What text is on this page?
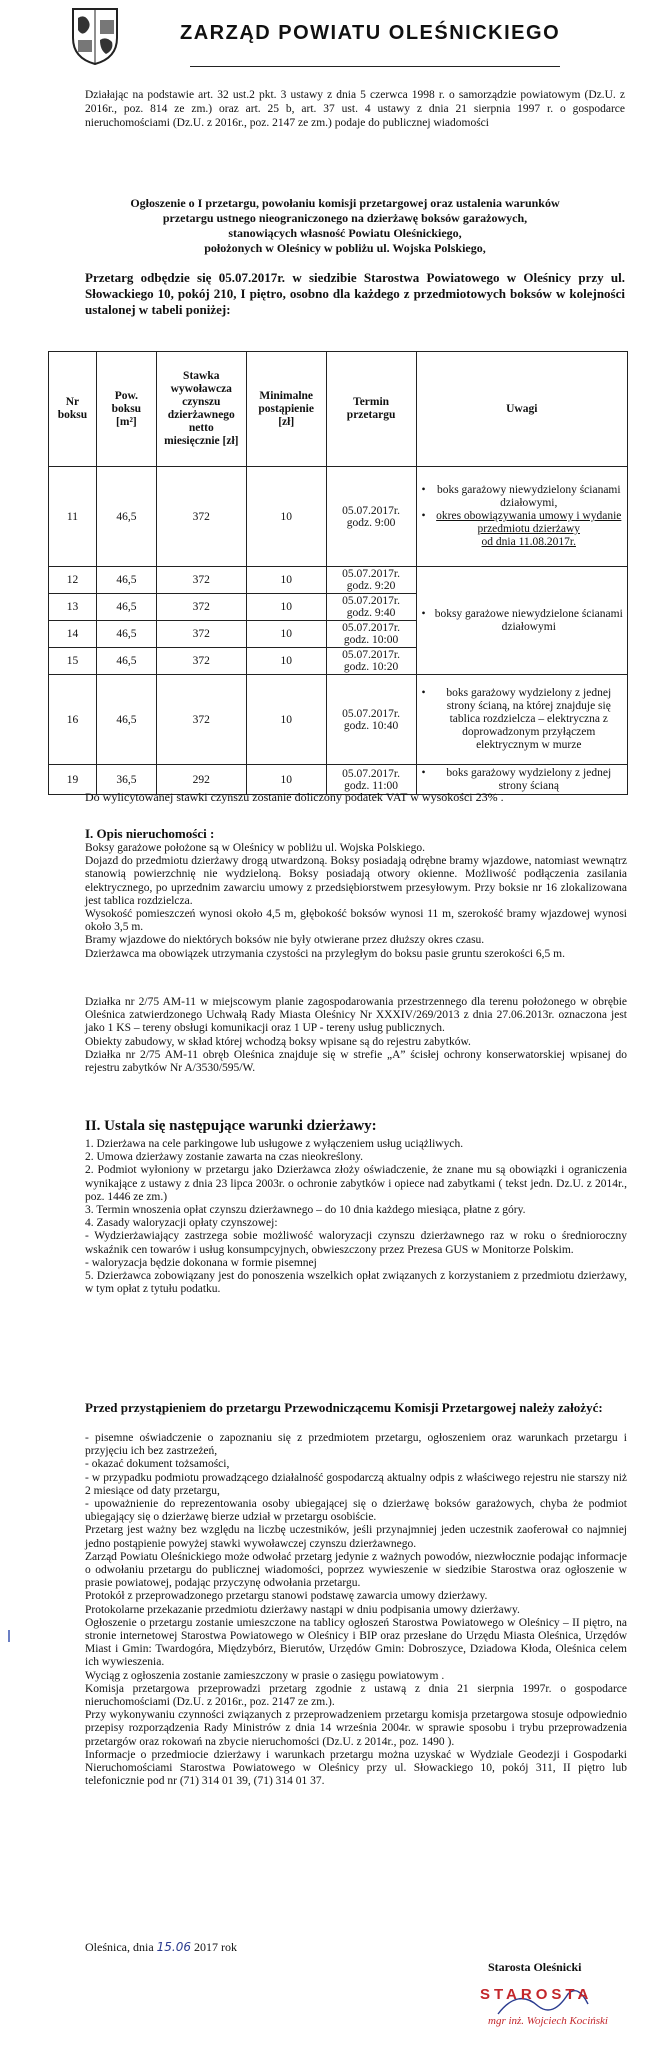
ZARZĄD POWIATU OLEŚNICKIEGO

Działając na podstawie art. 32 ust.2 pkt. 3 ustawy z dnia 5 czerwca 1998 r. o samorządzie powiatowym (Dz.U. z 2016r., poz. 814 ze zm.) oraz art. 25 b, art. 37 ust. 4 ustawy z dnia 21 sierpnia 1997 r. o gospodarce nieruchomościami (Dz.U. z 2016r., poz. 2147 ze zm.) podaje do publicznej wiadomości

Ogłoszenie o I przetargu, powołaniu komisji przetargowej oraz ustalenia warunków
przetargu ustnego nieograniczonego na dzierżawę boksów garażowych,
stanowiących własność Powiatu Oleśnickiego,
położonych w Oleśnicy w pobliżu ul. Wojska Polskiego,
Przetarg odbędzie się 05.07.2017r. w siedzibie Starostwa Powiatowego w Oleśnicy przy ul. Słowackiego 10, pokój 210, I piętro, osobno dla każdego z przedmiotowych boksów w kolejności ustalonej w tabeli poniżej:
Nr boksu	Pow. boksu [m²]	Stawka wywoławcza czynszu dzierżawnego netto miesięcznie [zł]	Minimalne postąpienie [zł]	Termin przetargu	Uwagi
11	46,5	372	10	05.07.2017r. godz. 9:00	• boks garażowy niewydzielony ścianami działowymi,
• okres obowiązywania umowy i wydanie przedmiotu dzierżawy
od dnia 11.08.2017r.

12	46,5	372	10	05.07.2017r. godz. 9:20	• boksy garażowe niewydzielone ścianami działowymi

13	46,5	372	10	05.07.2017r. godz. 9:40	
14	46,5	372	10	05.07.2017r. godz. 10:00	
15	46,5	372	10	05.07.2017r. godz. 10:20	
16	46,5	372	10	05.07.2017r. godz. 10:40	• boks garażowy wydzielony z jednej strony ścianą, na której znajduje się tablica rozdzielcza – elektryczna z doprowadzonym przyłączem elektrycznym w murze

19	36,5	292	10	05.07.2017r. godz. 11:00	• boks garażowy wydzielony z jednej strony ścianą
Do wylicytowanej stawki czynszu zostanie doliczony podatek VAT w wysokości 23% .
I. Opis nieruchomości :
Boksy garażowe położone są w Oleśnicy w pobliżu ul. Wojska Polskiego.
Dojazd do przedmiotu dzierżawy drogą utwardzoną. Boksy posiadają odrębne bramy wjazdowe, natomiast wewnątrz stanowią powierzchnię nie wydzieloną. Boksy posiadają otwory okienne. Możliwość podłączenia zasilania elektrycznego, po uprzednim zawarciu umowy z przedsiębiorstwem przesyłowym. Przy boksie nr 16 zlokalizowana jest tablica rozdzielcza.
Wysokość pomieszczeń wynosi około 4,5 m, głębokość boksów wynosi 11 m, szerokość bramy wjazdowej wynosi około 3,5 m.
Bramy wjazdowe do niektórych boksów nie były otwierane przez dłuższy okres czasu.
Dzierżawca ma obowiązek utrzymania czystości na przyległym do boksu pasie gruntu szerokości 6,5 m.
Działka nr 2/75 AM-11 w miejscowym planie zagospodarowania przestrzennego dla terenu położonego w obrębie Oleśnica zatwierdzonego Uchwałą Rady Miasta Oleśnicy Nr XXXIV/269/2013 z dnia 27.06.2013r. oznaczona jest jako 1 KS – tereny obsługi komunikacji oraz 1 UP - tereny usług publicznych.
Obiekty zabudowy, w skład której wchodzą boksy wpisane są do rejestru zabytków.
Działka nr 2/75 AM-11 obręb Oleśnica znajduje się w strefie „A” ścisłej ochrony konserwatorskiej wpisanej do rejestru zabytków Nr A/3530/595/W.
II. Ustala się następujące warunki dzierżawy:
1. Dzierżawa na cele parkingowe lub usługowe z wyłączeniem usług uciążliwych.
2. Umowa dzierżawy zostanie zawarta na czas nieokreślony.
2. Podmiot wyłoniony w przetargu jako Dzierżawca złoży oświadczenie, że znane mu są obowiązki i ograniczenia wynikające z ustawy z dnia 23 lipca 2003r. o ochronie zabytków i opiece nad zabytkami ( tekst jedn. Dz.U. z 2014r., poz. 1446 ze zm.)
3. Termin wnoszenia opłat czynszu dzierżawnego – do 10 dnia każdego miesiąca, płatne z góry.
4. Zasady waloryzacji opłaty czynszowej:
- Wydzierżawiający zastrzega sobie możliwość waloryzacji czynszu dzierżawnego raz w roku o średnioroczny wskaźnik cen towarów i usług konsumpcyjnych, obwieszczony przez Prezesa GUS w Monitorze Polskim.
- waloryzacja będzie dokonana w formie pisemnej
5. Dzierżawca zobowiązany jest do ponoszenia wszelkich opłat związanych z korzystaniem z przedmiotu dzierżawy, w tym opłat z tytułu podatku.
Przed przystąpieniem do przetargu Przewodniczącemu Komisji Przetargowej należy założyć:
- pisemne oświadczenie o zapoznaniu się z przedmiotem przetargu, ogłoszeniem oraz warunkach przetargu i przyjęciu ich bez zastrzeżeń,
- okazać dokument tożsamości,
- w przypadku podmiotu prowadzącego działalność gospodarczą aktualny odpis z właściwego rejestru nie starszy niż 2 miesiące od daty przetargu,
- upoważnienie do reprezentowania osoby ubiegającej się o dzierżawę boksów garażowych, chyba że podmiot ubiegający się o dzierżawę bierze udział w przetargu osobiście.
Przetarg jest ważny bez względu na liczbę uczestników, jeśli przynajmniej jeden uczestnik zaoferował co najmniej jedno postąpienie powyżej stawki wywoławczej czynszu dzierżawnego.
Zarząd Powiatu Oleśnickiego może odwołać przetarg jedynie z ważnych powodów, niezwłocznie podając informacje o odwołaniu przetargu do publicznej wiadomości, poprzez wywieszenie w siedzibie Starostwa oraz ogłoszenie w prasie powiatowej, podając przyczynę odwołania przetargu.
Protokół z przeprowadzonego przetargu stanowi podstawę zawarcia umowy dzierżawy.
Protokolarne przekazanie przedmiotu dzierżawy nastąpi w dniu podpisania umowy dzierżawy.
Ogłoszenie o przetargu zostanie umieszczone na tablicy ogłoszeń Starostwa Powiatowego w Oleśnicy – II piętro, na stronie internetowej Starostwa Powiatowego w Oleśnicy i BIP oraz przesłane do Urzędu Miasta Oleśnica, Urzędów Miast i Gmin: Twardogóra, Międzybórz, Bierutów, Urzędów Gmin: Dobroszyce, Dziadowa Kłoda, Oleśnica celem ich wywieszenia.
Wyciąg z ogłoszenia zostanie zamieszczony w prasie o zasięgu powiatowym .
Komisja przetargowa przeprowadzi przetarg zgodnie z ustawą z dnia 21 sierpnia 1997r. o gospodarce nieruchomościami (Dz.U. z 2016r., poz. 2147 ze zm.).
Przy wykonywaniu czynności związanych z przeprowadzeniem przetargu komisja przetargowa stosuje odpowiednio przepisy rozporządzenia Rady Ministrów z dnia 14 września 2004r. w sprawie sposobu i trybu przeprowadzenia przetargów oraz rokowań na zbycie nieruchomości (Dz.U. z 2014r., poz. 1490 ).
Informacje o przedmiocie dzierżawy i warunkach przetargu można uzyskać w Wydziale Geodezji i Gospodarki Nieruchomościami Starostwa Powiatowego w Oleśnicy przy ul. Słowackiego 10, pokój 311, II piętro lub telefonicznie pod nr (71) 314 01 39, (71) 314 01 37.
Oleśnica, dnia 15.06 2017 rok
Starosta Oleśnicki
STAROSTA
mgr inż. Wojciech Kociński
